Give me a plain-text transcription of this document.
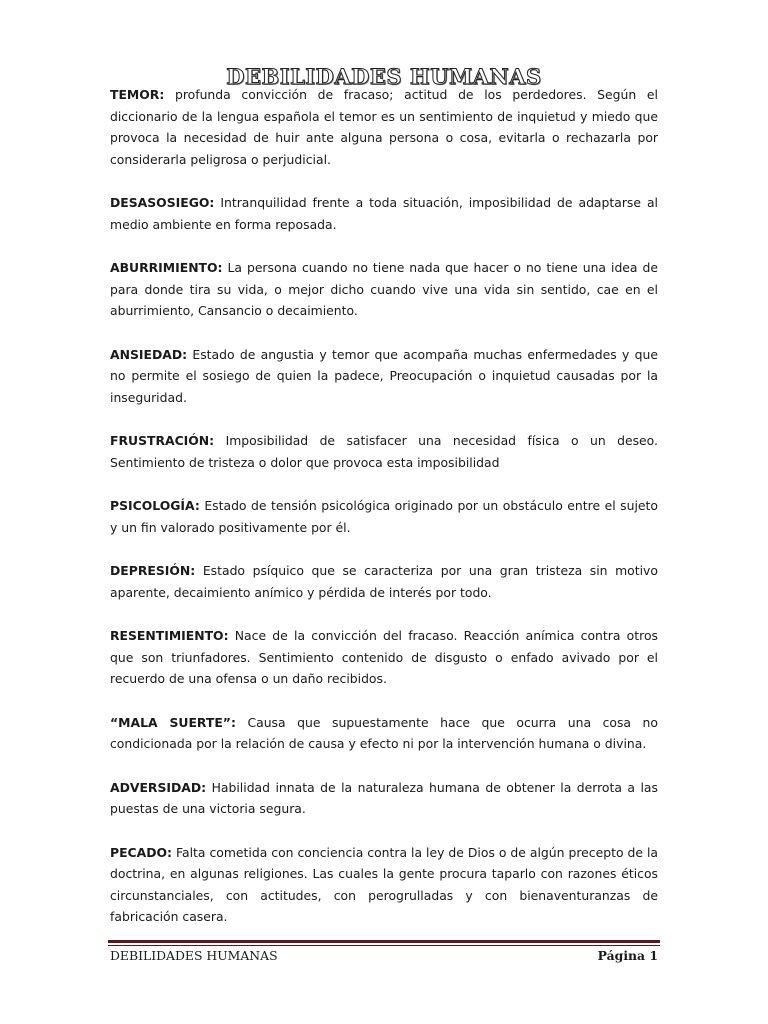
DEBILIDADES HUMANAS

TEMOR: profunda convicción de fracaso; actitud de los perdedores. Según el diccionario de la lengua española el temor es un sentimiento de inquietud y miedo que provoca la necesidad de huir ante alguna persona o cosa, evitarla o rechazarla por considerarla peligrosa o perjudicial.

DESASOSIEGO: Intranquilidad frente a toda situación, imposibilidad de adaptarse al medio ambiente en forma reposada.

ABURRIMIENTO: La persona cuando no tiene nada que hacer o no tiene una idea de para donde tira su vida, o mejor dicho cuando vive una vida sin sentido, cae en el aburrimiento, Cansancio o decaimiento.

ANSIEDAD: Estado de angustia y temor que acompaña muchas enfermedades y que no permite el sosiego de quien la padece, Preocupación o inquietud causadas por la inseguridad.

FRUSTRACIÓN: Imposibilidad de satisfacer una necesidad física o un deseo. Sentimiento de tristeza o dolor que provoca esta imposibilidad

PSICOLOGÍA: Estado de tensión psicológica originado por un obstáculo entre el sujeto y un fin valorado positivamente por él.

DEPRESIÓN: Estado psíquico que se caracteriza por una gran tristeza sin motivo aparente, decaimiento anímico y pérdida de interés por todo.

RESENTIMIENTO: Nace de la convicción del fracaso. Reacción anímica contra otros que son triunfadores. Sentimiento contenido de disgusto o enfado avivado por el recuerdo de una ofensa o un daño recibidos.

“MALA SUERTE”: Causa que supuestamente hace que ocurra una cosa no condicionada por la relación de causa y efecto ni por la intervención humana o divina.

ADVERSIDAD: Habilidad innata de la naturaleza humana de obtener la derrota a las puestas de una victoria segura.

PECADO: Falta cometida con conciencia contra la ley de Dios o de algún precepto de la doctrina, en algunas religiones. Las cuales la gente procura taparlo con razones éticos circunstanciales, con actitudes, con perogrulladas y con bienaventuranzas de fabricación casera.

DEBILIDADES HUMANAS	Página 1
